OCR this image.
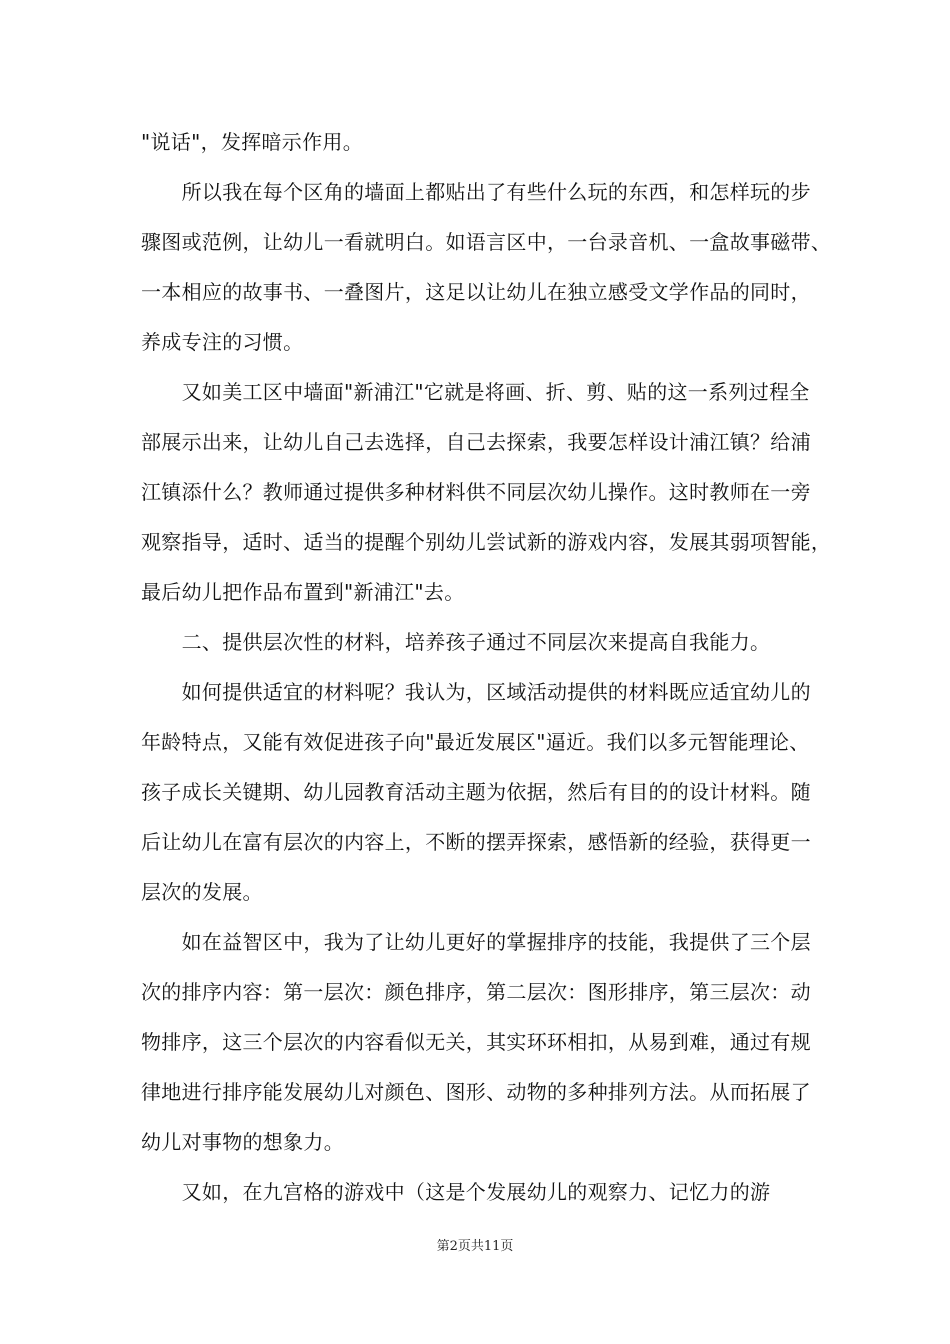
"说话"，发挥暗示作用。
　　所以我在每个区角的墙面上都贴出了有些什么玩的东西，和怎样玩的步
骤图或范例，让幼儿一看就明白。如语言区中，一台录音机、一盒故事磁带、
一本相应的故事书、一叠图片，这足以让幼儿在独立感受文学作品的同时，
养成专注的习惯。
　　又如美工区中墙面"新浦江"它就是将画、折、剪、贴的这一系列过程全
部展示出来，让幼儿自己去选择，自己去探索，我要怎样设计浦江镇？给浦
江镇添什么？教师通过提供多种材料供不同层次幼儿操作。这时教师在一旁
观察指导，适时、适当的提醒个别幼儿尝试新的游戏内容，发展其弱项智能，
最后幼儿把作品布置到"新浦江"去。
　　二、提供层次性的材料，培养孩子通过不同层次来提高自我能力。
　　如何提供适宜的材料呢？我认为，区域活动提供的材料既应适宜幼儿的
年龄特点，又能有效促进孩子向"最近发展区"逼近。我们以多元智能理论、
孩子成长关键期、幼儿园教育活动主题为依据，然后有目的的设计材料。随
后让幼儿在富有层次的内容上，不断的摆弄探索，感悟新的经验，获得更一
层次的发展。
　　如在益智区中，我为了让幼儿更好的掌握排序的技能，我提供了三个层
次的排序内容：第一层次：颜色排序，第二层次：图形排序，第三层次：动
物排序，这三个层次的内容看似无关，其实环环相扣，从易到难，通过有规
律地进行排序能发展幼儿对颜色、图形、动物的多种排列方法。从而拓展了
幼儿对事物的想象力。
　　又如，在九宫格的游戏中（这是个发展幼儿的观察力、记忆力的游
第2页共11页
